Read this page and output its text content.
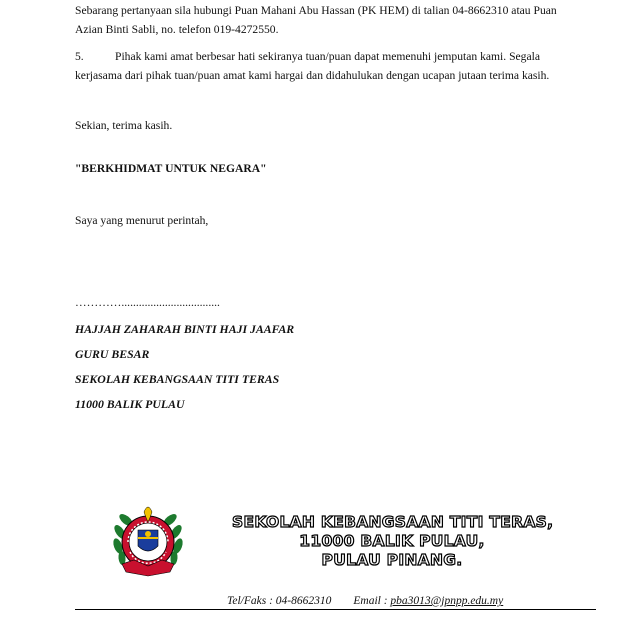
Sebarang pertanyaan sila hubungi Puan Mahani Abu Hassan (PK HEM) di talian 04-8662310 atau Puan Azian Binti Sabli, no. telefon 019-4272550.

5.	Pihak kami amat berbesar hati sekiranya tuan/puan dapat memenuhi jemputan kami. Segala kerjasama dari pihak tuan/puan amat kami hargai dan didahulukan dengan ucapan jutaan terima kasih.

Sekian, terima kasih.

"BERKHIDMAT UNTUK NEGARA"

Saya yang menurut perintah,

…………..................................

HAJJAH ZAHARAH BINTI HAJI JAAFAR

GURU BESAR

SEKOLAH KEBANGSAAN TITI TERAS

11000 BALIK PULAU

SEKOLAH KEBANGSAAN TITI TERAS,
11000 BALIK PULAU,
PULAU PINANG.
Tel/Faks : 04-8662310 Email : pba3013@jpnpp.edu.my
